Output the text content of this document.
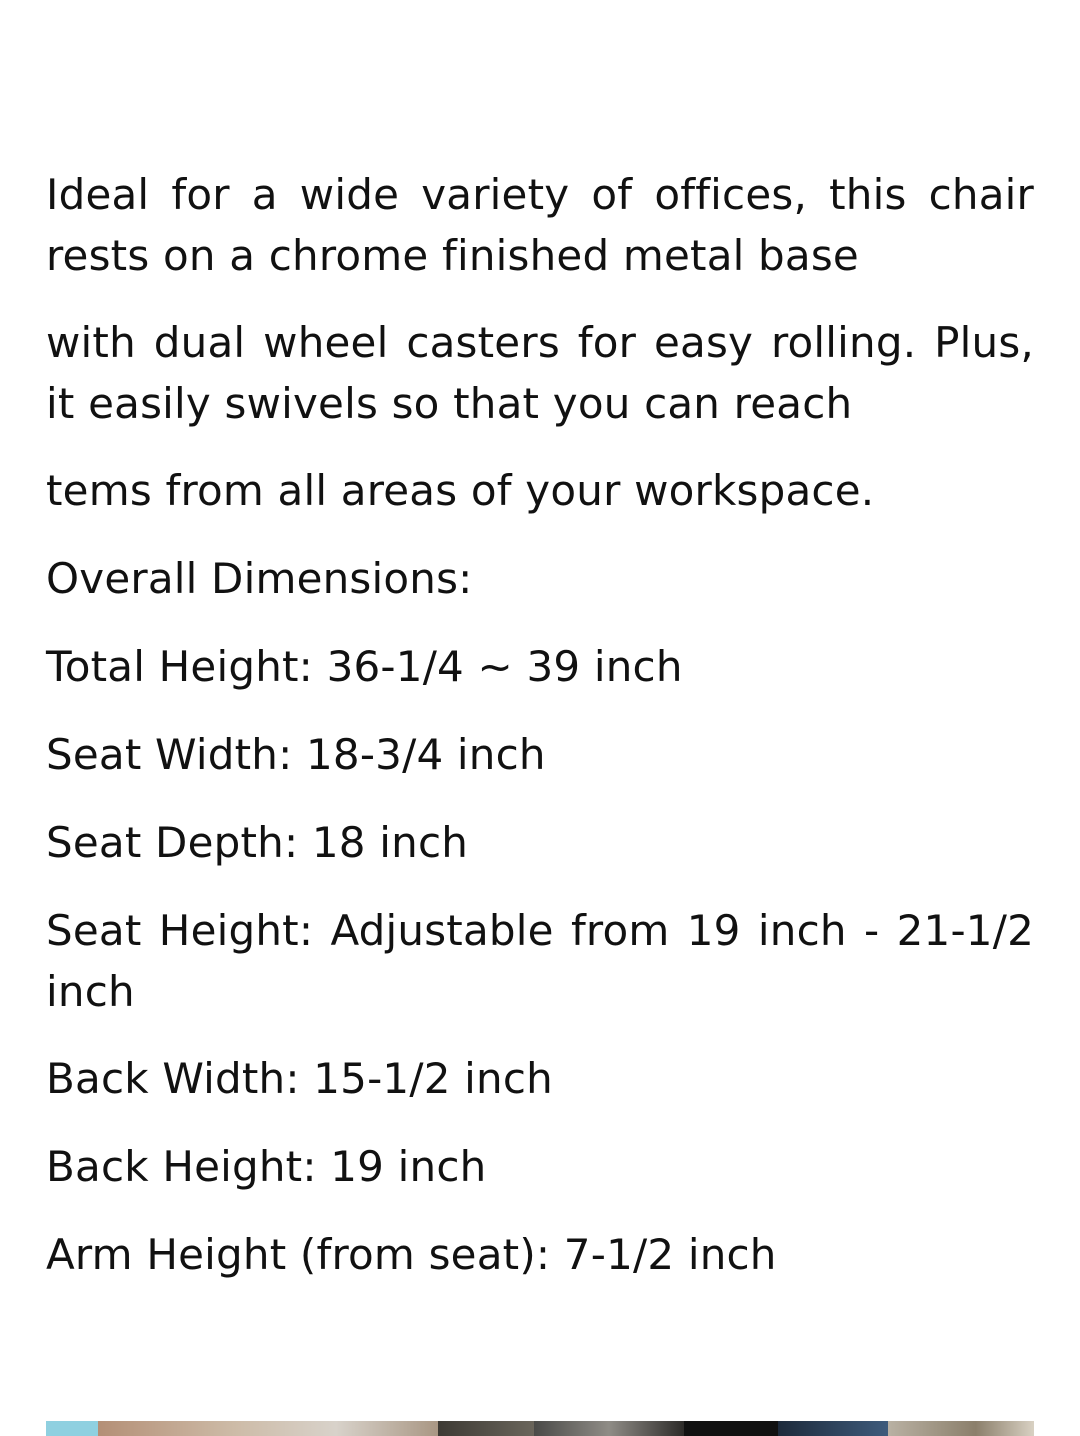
Ideal for a wide variety of offices, this chair rests on a chrome finished metal base

with dual wheel casters for easy rolling. Plus, it easily swivels so that you can reach

tems from all areas of your workspace.

Overall Dimensions:

Total Height: 36-1/4 ~ 39 inch

Seat Width: 18-3/4 inch

Seat Depth: 18 inch

Seat Height: Adjustable from 19 inch - 21-1/2 inch

Back Width: 15-1/2 inch

Back Height: 19 inch

Arm Height (from seat): 7-1/2 inch
